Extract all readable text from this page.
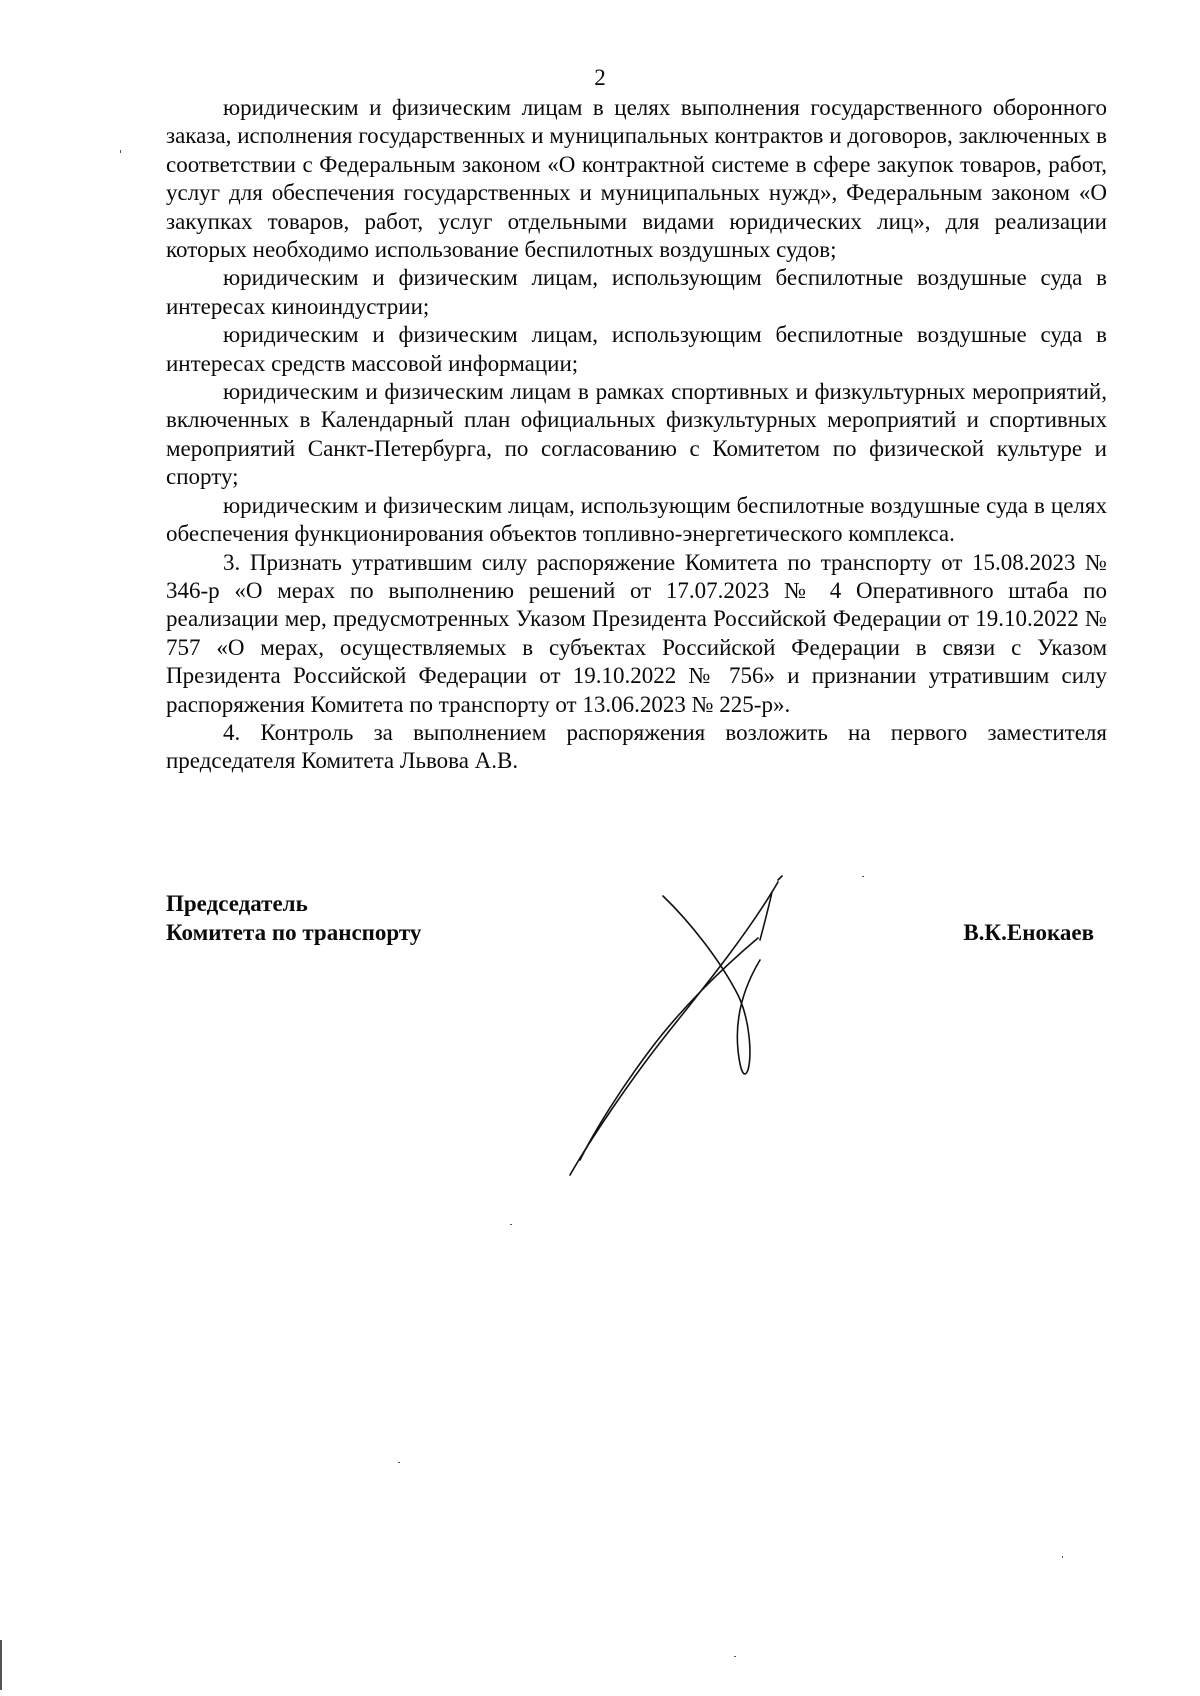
2

юридическим и физическим лицам в целях выполнения государственного оборонного заказа, исполнения государственных и муниципальных контрактов и договоров, заключенных в соответствии с Федеральным законом «О контрактной системе в сфере закупок товаров, работ, услуг для обеспечения государственных и муниципальных нужд», Федеральным законом «О закупках товаров, работ, услуг отдельными видами юридических лиц», для реализации которых необходимо использование беспилотных воздушных судов;

юридическим и физическим лицам, использующим беспилотные воздушные суда в интересах киноиндустрии;

юридическим и физическим лицам, использующим беспилотные воздушные суда в интересах средств массовой информации;

юридическим и физическим лицам в рамках спортивных и физкультурных мероприятий, включенных в Календарный план официальных физкультурных мероприятий и спортивных мероприятий Санкт-Петербурга, по согласованию с Комитетом по физической культуре и спорту;

юридическим и физическим лицам, использующим беспилотные воздушные суда в целях обеспечения функционирования объектов топливно-энергетического комплекса.

3. Признать утратившим силу распоряжение Комитета по транспорту от 15.08.2023 № 346-р «О мерах по выполнению решений от 17.07.2023 № 4 Оперативного штаба по реализации мер, предусмотренных Указом Президента Российской Федерации от 19.10.2022 № 757 «О мерах, осуществляемых в субъектах Российской Федерации в связи с Указом Президента Российской Федерации от 19.10.2022 № 756» и признании утратившим силу распоряжения Комитета по транспорту от 13.06.2023 № 225-р».

4. Контроль за выполнением распоряжения возложить на первого заместителя председателя Комитета Львова А.В.

Председатель
Комитета по транспорту	В.К.Енокаев
